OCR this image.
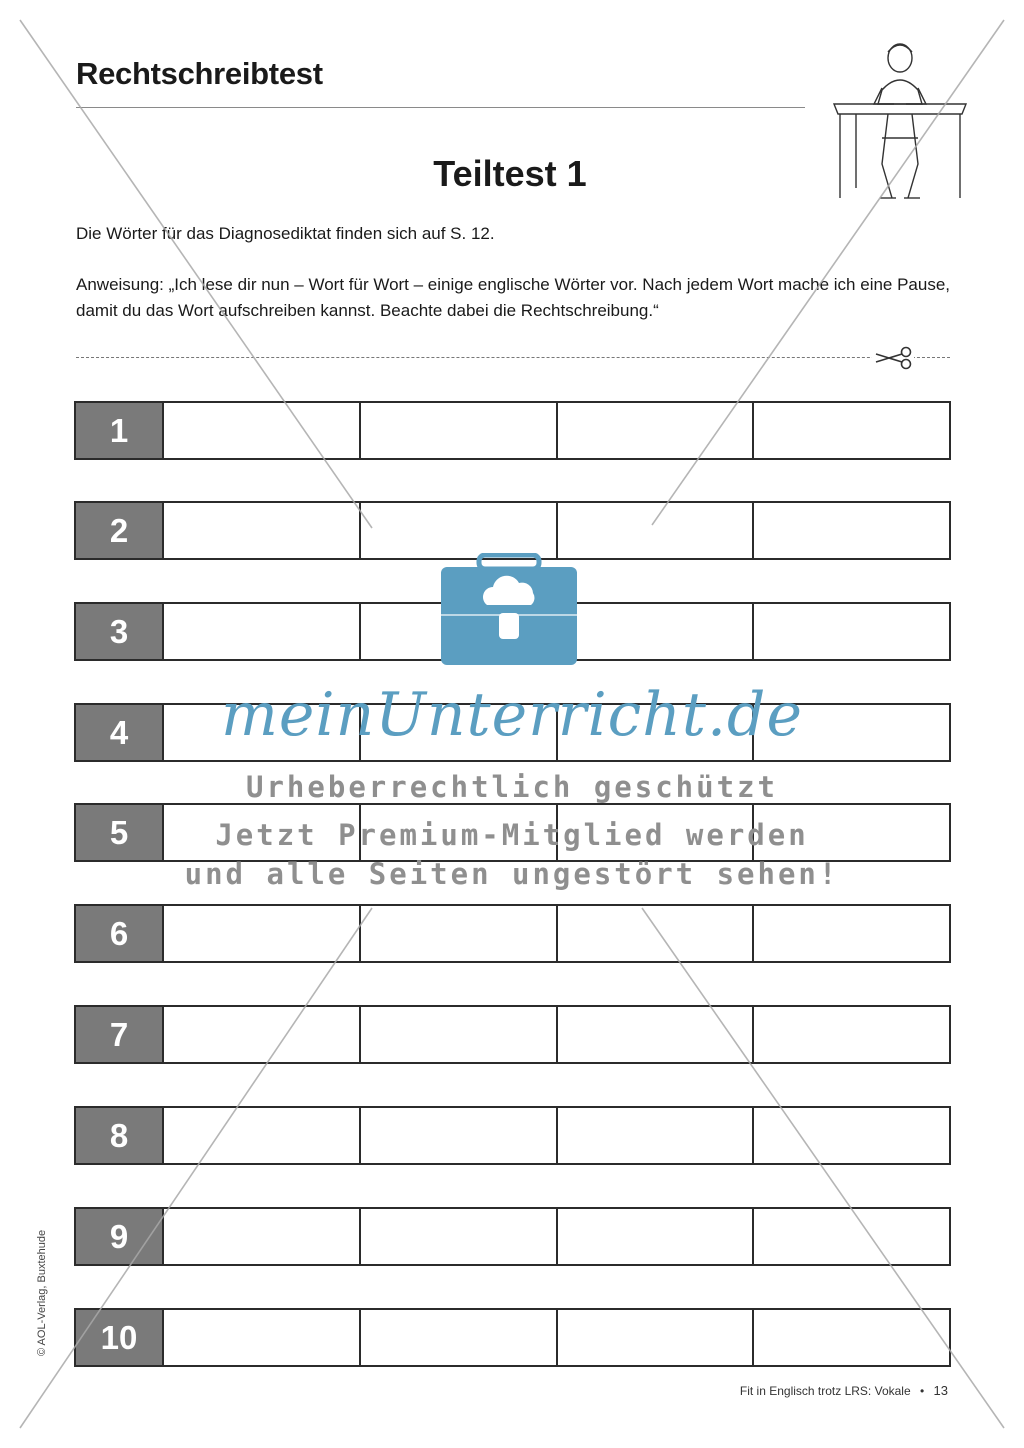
Rechtschreibtest
Teiltest 1
Die Wörter für das Diagnosediktat finden sich auf S. 12.
Anweisung: „Ich lese dir nun – Wort für Wort – einige englische Wörter vor. Nach jedem Wort mache ich eine Pause, damit du das Wort aufschreiben kannst. Beachte dabei die Rechtschreibung.“
1
2
3
4
5
6
7
8
9
10
Fit in Englisch trotz LRS: Vokale • 13
© AOL-Verlag, Buxtehude
meinUnterricht.de
Urheberrechtlich geschützt
Jetzt Premium-Mitglied werden
und alle Seiten ungestört sehen!
